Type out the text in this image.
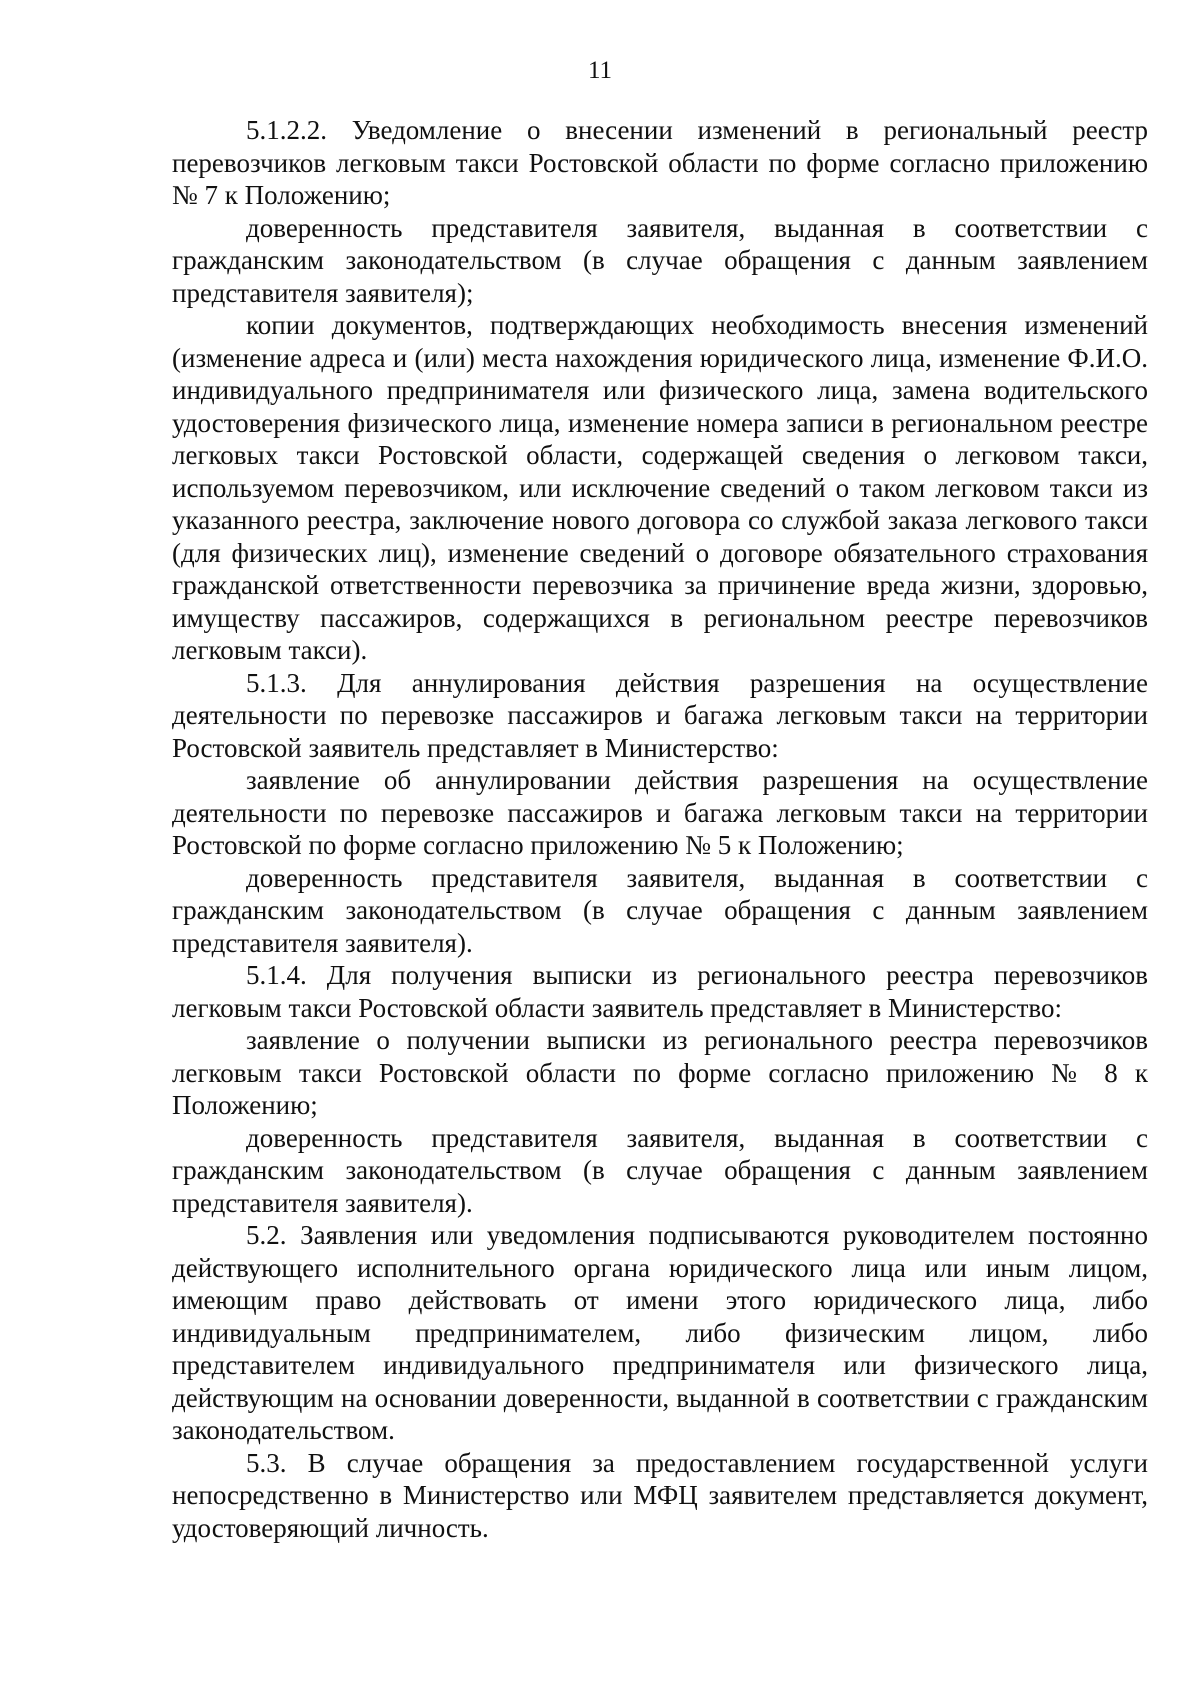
11

5.1.2.2. Уведомление о внесении изменений в региональный реестр перевозчиков легковым такси Ростовской области по форме согласно приложению № 7 к Положению;

доверенность представителя заявителя, выданная в соответствии с гражданским законодательством (в случае обращения с данным заявлением представителя заявителя);

копии документов, подтверждающих необходимость внесения изменений (изменение адреса и (или) места нахождения юридического лица, изменение Ф.И.О. индивидуального предпринимателя или физического лица, замена водительского удостоверения физического лица, изменение номера записи в региональном реестре легковых такси Ростовской области, содержащей сведения о легковом такси, используемом перевозчиком, или исключение сведений о таком легковом такси из указанного реестра, заключение нового договора со службой заказа легкового такси (для физических лиц), изменение сведений о договоре обязательного страхования гражданской ответственности перевозчика за причинение вреда жизни, здоровью, имуществу пассажиров, содержащихся в региональном реестре перевозчиков легковым такси).

5.1.3. Для аннулирования действия разрешения на осуществление деятельности по перевозке пассажиров и багажа легковым такси на территории Ростовской заявитель представляет в Министерство:

заявление об аннулировании действия разрешения на осуществление деятельности по перевозке пассажиров и багажа легковым такси на территории Ростовской по форме согласно приложению № 5 к Положению;

доверенность представителя заявителя, выданная в соответствии с гражданским законодательством (в случае обращения с данным заявлением представителя заявителя).

5.1.4. Для получения выписки из регионального реестра перевозчиков легковым такси Ростовской области заявитель представляет в Министерство:

заявление о получении выписки из регионального реестра перевозчиков легковым такси Ростовской области по форме согласно приложению № 8 к Положению;

доверенность представителя заявителя, выданная в соответствии с гражданским законодательством (в случае обращения с данным заявлением представителя заявителя).

5.2. Заявления или уведомления подписываются руководителем постоянно действующего исполнительного органа юридического лица или иным лицом, имеющим право действовать от имени этого юридического лица, либо индивидуальным предпринимателем, либо физическим лицом, либо представителем индивидуального предпринимателя или физического лица, действующим на основании доверенности, выданной в соответствии с гражданским законодательством.

5.3. В случае обращения за предоставлением государственной услуги непосредственно в Министерство или МФЦ заявителем представляется документ, удостоверяющий личность.
